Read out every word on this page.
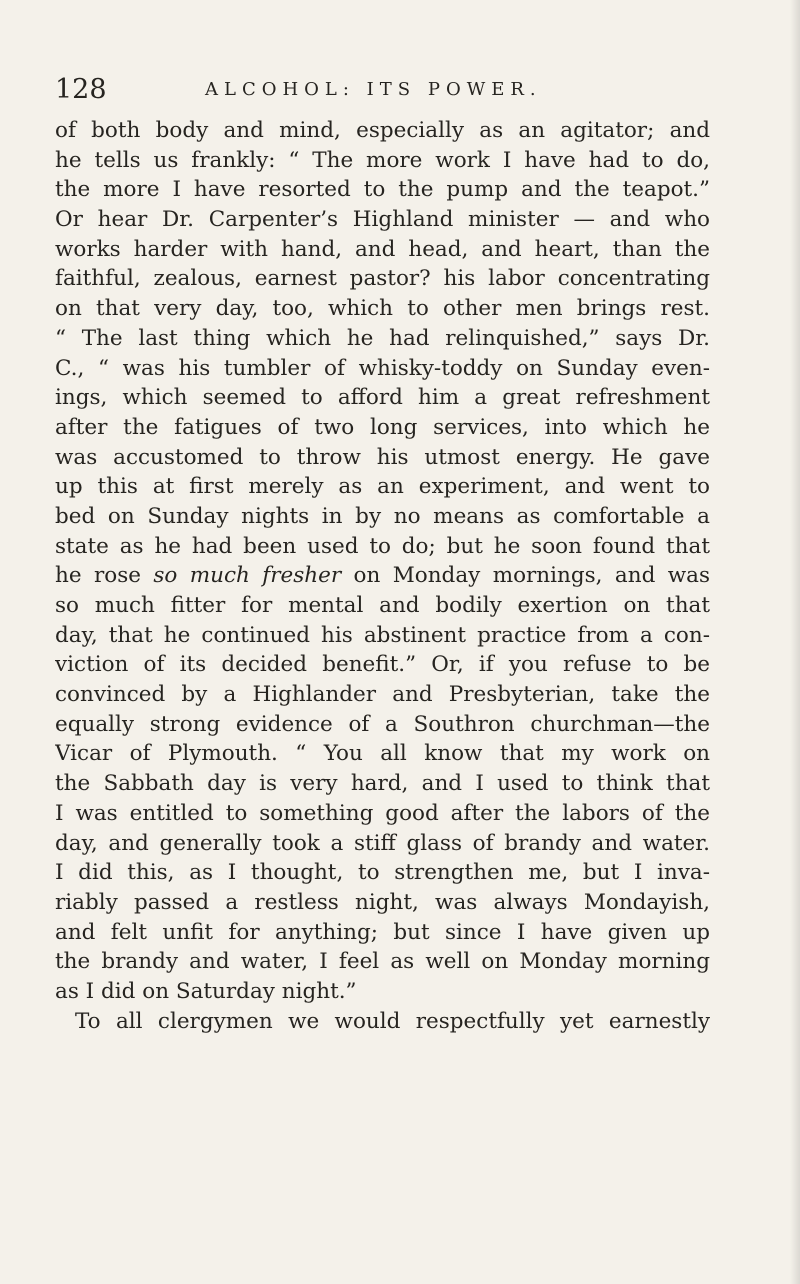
128	ALCOHOL: ITS POWER.
of both body and mind, especially as an agitator; and
he tells us frankly: “ The more work I have had to do,
the more I have resorted to the pump and the teapot.”
Or hear Dr. Carpenter’s Highland minister — and who
works harder with hand, and head, and heart, than the
faithful, zealous, earnest pastor? his labor concentrating
on that very day, too, which to other men brings rest.
“ The last thing which he had relinquished,” says Dr.
C., “ was his tumbler of whisky-toddy on Sunday even-
ings, which seemed to afford him a great refreshment
after the fatigues of two long services, into which he
was accustomed to throw his utmost energy. He gave
up this at first merely as an experiment, and went to
bed on Sunday nights in by no means as comfortable a
state as he had been used to do; but he soon found that
he rose so much fresher on Monday mornings, and was
so much fitter for mental and bodily exertion on that
day, that he continued his abstinent practice from a con-
viction of its decided benefit.” Or, if you refuse to be
convinced by a Highlander and Presbyterian, take the
equally strong evidence of a Southron churchman—the
Vicar of Plymouth. “ You all know that my work on
the Sabbath day is very hard, and I used to think that
I was entitled to something good after the labors of the
day, and generally took a stiff glass of brandy and water.
I did this, as I thought, to strengthen me, but I inva-
riably passed a restless night, was always Mondayish,
and felt unfit for anything; but since I have given up
the brandy and water, I feel as well on Monday morning
as I did on Saturday night.”
To all clergymen we would respectfully yet earnestly
